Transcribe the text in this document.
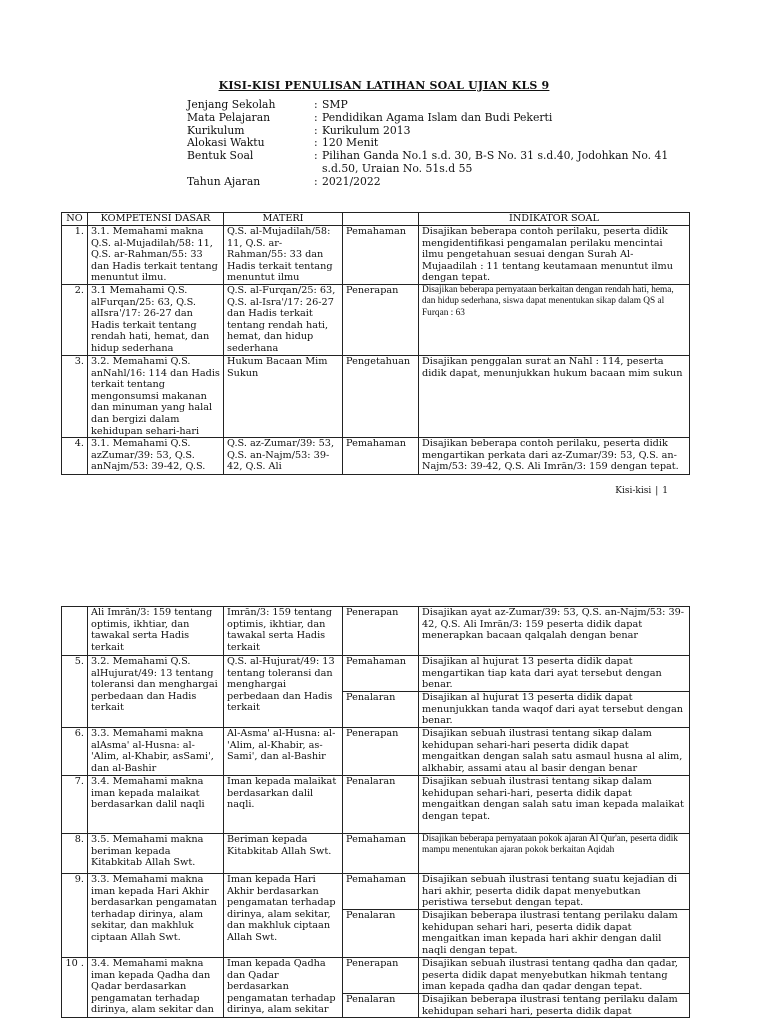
KISI-KISI PENULISAN LATIHAN SOAL UJIAN KLS 9
Jenjang Sekolah	: SMP
Mata Pelajaran	: Pendidikan Agama Islam dan Budi Pekerti
Kurikulum	: Kurikulum 2013
Alokasi Waktu	: 120 Menit
Bentuk Soal	: Pilihan Ganda No.1 s.d. 30, B-S No. 31 s.d.40, Jodohkan No. 41 s.d.50, Uraian No. 51s.d 55
Tahun Ajaran	: 2021/2022
NO	KOMPETENSI DASAR	MATERI		INDIKATOR SOAL
1.	3.1. Memahami makna Q.S. al-Mujadilah/58: 11, Q.S. ar-Rahman/55: 33 dan Hadis terkait tentang menuntut ilmu.	Q.S. al-Mujadilah/58: 11, Q.S. ar-Rahman/55: 33 dan Hadis terkait tentang menuntut ilmu	Pemahaman	Disajikan beberapa contoh perilaku, peserta didik mengidentifikasi pengamalan perilaku mencintai ilmu pengetahuan sesuai dengan Surah Al-Mujaadilah : 11 tentang keutamaan menuntut ilmu dengan tepat.
2.	3.1 Memahami Q.S. alFurqan/25: 63, Q.S. alIsra'/17: 26-27 dan Hadis terkait tentang rendah hati, hemat, dan hidup sederhana	Q.S. al-Furqan/25: 63, Q.S. al-Isra'/17: 26-27 dan Hadis terkait tentang rendah hati, hemat, dan hidup sederhana	Penerapan	Disajikan beberapa pernyataan berkaitan dengan rendah hati, hema, dan hidup sederhana, siswa dapat menentukan sikap dalam QS al Furqan : 63
3.	3.2. Memahami Q.S. anNahl/16: 114 dan Hadis terkait tentang mengonsumsi makanan dan minuman yang halal dan bergizi dalam kehidupan sehari-hari	Hukum Bacaan Mim Sukun	Pengetahuan	Disajikan penggalan surat an Nahl : 114, peserta didik dapat, menunjukkan hukum bacaan mim sukun
4.	3.1. Memahami Q.S. azZumar/39: 53, Q.S. anNajm/53: 39-42, Q.S.	Q.S. az-Zumar/39: 53, Q.S. an-Najm/53: 39-42, Q.S. Ali	Pemahaman	Disajikan beberapa contoh perilaku, peserta didik mengartikan perkata dari az-Zumar/39: 53, Q.S. an-Najm/53: 39-42, Q.S. Ali Imrān/3: 159 dengan tepat.
Kisi-kisi | 1
	Ali Imrān/3: 159 tentang optimis, ikhtiar, dan tawakal serta Hadis terkait	Imrān/3: 159 tentang optimis, ikhtiar, dan tawakal serta Hadis terkait	Penerapan	Disajikan ayat az-Zumar/39: 53, Q.S. an-Najm/53: 39-42, Q.S. Ali Imrān/3: 159 peserta didik dapat menerapkan bacaan qalqalah dengan benar
5.	3.2. Memahami Q.S. alHujurat/49: 13 tentang toleransi dan menghargai perbedaan dan Hadis terkait	Q.S. al-Hujurat/49: 13 tentang toleransi dan menghargai perbedaan dan Hadis terkait	Pemahaman	Disajikan al hujurat 13 peserta didik dapat mengartikan tiap kata dari ayat tersebut dengan benar.
			Penalaran	Disajikan al hujurat 13 peserta didik dapat menunjukkan tanda waqof dari ayat tersebut dengan benar.
6.	3.3. Memahami makna alAsma' al-Husna: al- 'Alim, al-Khabir, asSami', dan al-Bashir	Al-Asma' al-Husna: al- 'Alim, al-Khabir, as-Sami', dan al-Bashir	Penerapan	Disajikan sebuah ilustrasi tentang sikap dalam kehidupan sehari-hari peserta didik dapat mengaitkan dengan salah satu asmaul husna al alim, alkhabir, assami atau al basir dengan benar
7.	3.4. Memahami makna iman kepada malaikat berdasarkan dalil naqli	Iman kepada malaikat berdasarkan dalil naqli.	Penalaran	Disajikan sebuah ilustrasi tentang sikap dalam kehidupan sehari-hari, peserta didik dapat mengaitkan dengan salah satu iman kepada malaikat dengan tepat.
8.	3.5. Memahami makna beriman kepada Kitabkitab Allah Swt.	Beriman kepada Kitabkitab Allah Swt.	Pemahaman	Disajikan beberapa pernyataan pokok ajaran Al Qur'an, peserta didik mampu menentukan ajaran pokok berkaitan Aqidah
9.	3.3. Memahami makna iman kepada Hari Akhir berdasarkan pengamatan terhadap dirinya, alam sekitar, dan makhluk ciptaan Allah Swt.	Iman kepada Hari Akhir berdasarkan pengamatan terhadap dirinya, alam sekitar, dan makhluk ciptaan Allah Swt.	Pemahaman	Disajikan sebuah ilustrasi tentang suatu kejadian di hari akhir, peserta didik dapat menyebutkan peristiwa tersebut dengan tepat.
			Penalaran	Disajikan beberapa ilustrasi tentang perilaku dalam kehidupan sehari hari, peserta didik dapat mengaitkan iman kepada hari akhir dengan dalil naqli dengan tepat.
10 .	3.4. Memahami makna iman kepada Qadha dan Qadar berdasarkan pengamatan terhadap dirinya, alam sekitar dan	Iman kepada Qadha dan Qadar berdasarkan pengamatan terhadap dirinya, alam sekitar	Penerapan	Disajikan sebuah ilustrasi tentang qadha dan qadar, peserta didik dapat menyebutkan hikmah tentang iman kepada qadha dan qadar dengan tepat.
			Penalaran	Disajikan beberapa ilustrasi tentang perilaku dalam kehidupan sehari hari, peserta didik dapat
